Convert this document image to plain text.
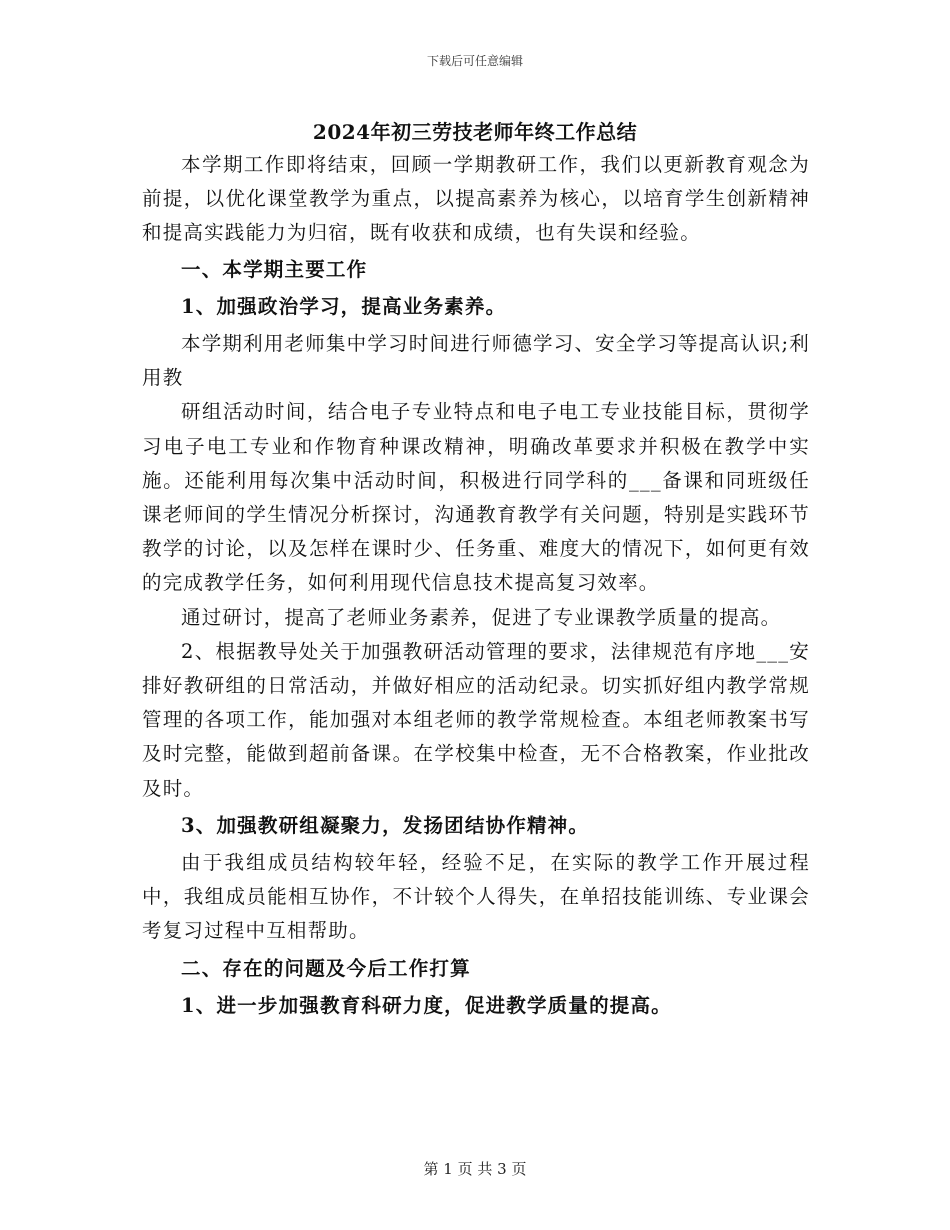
下载后可任意编辑
2024年初三劳技老师年终工作总结

本学期工作即将结束，回顾一学期教研工作，我们以更新教育观念为前提，以优化课堂教学为重点，以提高素养为核心，以培育学生创新精神和提高实践能力为归宿，既有收获和成绩，也有失误和经验。

一、本学期主要工作

1、加强政治学习，提高业务素养。

本学期利用老师集中学习时间进行师德学习、安全学习等提高认识;利用教

研组活动时间，结合电子专业特点和电子电工专业技能目标，贯彻学习电子电工专业和作物育种课改精神，明确改革要求并积极在教学中实施。还能利用每次集中活动时间，积极进行同学科的___备课和同班级任课老师间的学生情况分析探讨，沟通教育教学有关问题，特别是实践环节教学的讨论，以及怎样在课时少、任务重、难度大的情况下，如何更有效的完成教学任务，如何利用现代信息技术提高复习效率。

通过研讨，提高了老师业务素养，促进了专业课教学质量的提高。

2、根据教导处关于加强教研活动管理的要求，法律规范有序地___安排好教研组的日常活动，并做好相应的活动纪录。切实抓好组内教学常规管理的各项工作，能加强对本组老师的教学常规检查。本组老师教案书写及时完整，能做到超前备课。在学校集中检查，无不合格教案，作业批改及时。

3、加强教研组凝聚力，发扬团结协作精神。

由于我组成员结构较年轻，经验不足，在实际的教学工作开展过程中，我组成员能相互协作，不计较个人得失，在单招技能训练、专业课会考复习过程中互相帮助。

二、存在的问题及今后工作打算

1、进一步加强教育科研力度，促进教学质量的提高。

第 1 页 共 3 页
